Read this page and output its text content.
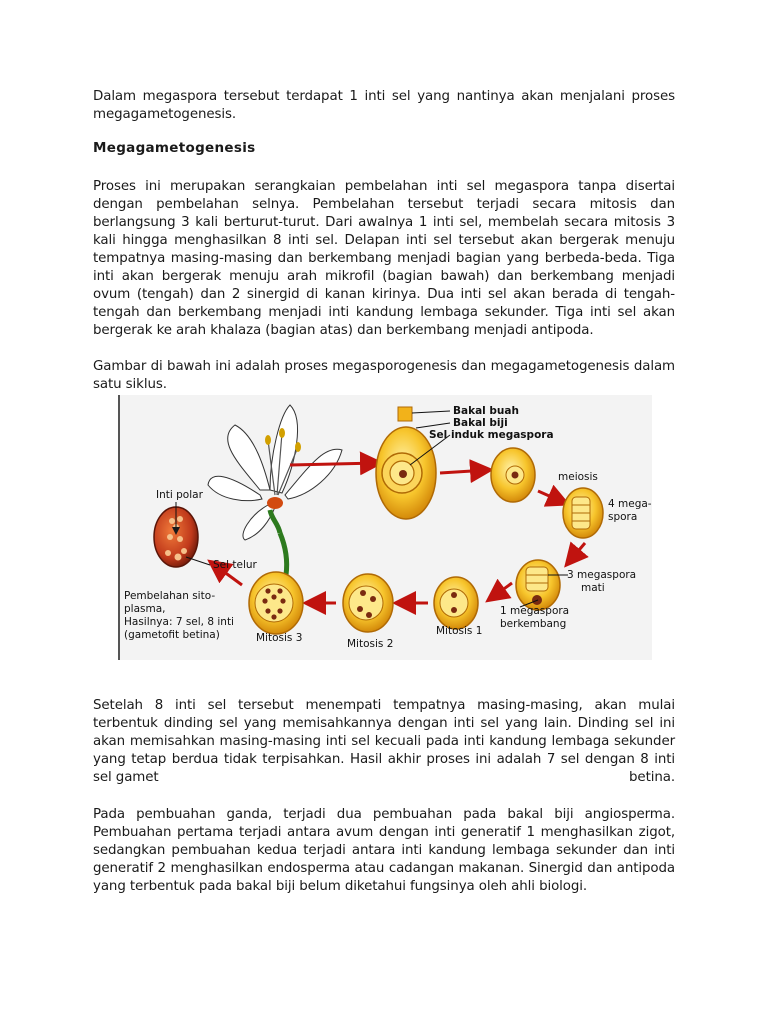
Dalam megaspora tersebut terdapat 1 inti sel yang nantinya akan menjalani proses megagametogenesis.

Megagametogenesis

Proses ini merupakan serangkaian pembelahan inti sel megaspora tanpa disertai dengan pembelahan selnya. Pembelahan tersebut terjadi secara mitosis dan berlangsung 3 kali berturut-turut. Dari awalnya 1 inti sel, membelah secara mitosis 3 kali hingga menghasilkan 8 inti sel. Delapan inti sel tersebut akan bergerak menuju tempatnya masing-masing dan berkembang menjadi bagian yang berbeda-beda. Tiga inti akan bergerak menuju arah mikrofil (bagian bawah) dan berkembang menjadi ovum (tengah) dan 2 sinergid di kanan kirinya. Dua inti sel akan berada di tengah-tengah dan berkembang menjadi inti kandung lembaga sekunder. Tiga inti sel akan bergerak ke arah khalaza (bagian atas) dan berkembang menjadi antipoda.

Gambar di bawah ini adalah proses megasporogenesis dan megagametogenesis dalam satu siklus.

Setelah 8 inti sel tersebut menempati tempatnya masing-masing, akan mulai terbentuk dinding sel yang memisahkannya dengan inti sel yang lain. Dinding sel ini akan memisahkan masing-masing inti sel kecuali pada inti kandung lembaga sekunder yang tetap berdua tidak terpisahkan. Hasil akhir proses ini adalah 7 sel dengan 8 inti sel gamet	betina.

Pada pembuahan ganda, terjadi dua pembuahan pada bakal biji angiosperma. Pembuahan pertama terjadi antara avum dengan inti generatif 1 menghasilkan zigot, sedangkan pembuahan kedua terjadi antara inti kandung lembaga sekunder dan inti generatif 2 menghasilkan endosperma atau cadangan makanan. Sinergid dan antipoda yang terbentuk pada bakal biji belum diketahui fungsinya oleh ahli biologi.

Bakal buah
Bakal biji
Sel induk megaspora
meiosis
4 mega-
spora
3 megaspora
mati
1 megaspora
berkembang
Mitosis 1
Mitosis 2
Mitosis 3
Inti polar
Sel telur
Pembelahan sito-
plasma,
Hasilnya: 7 sel, 8 inti
(gametofit betina)
